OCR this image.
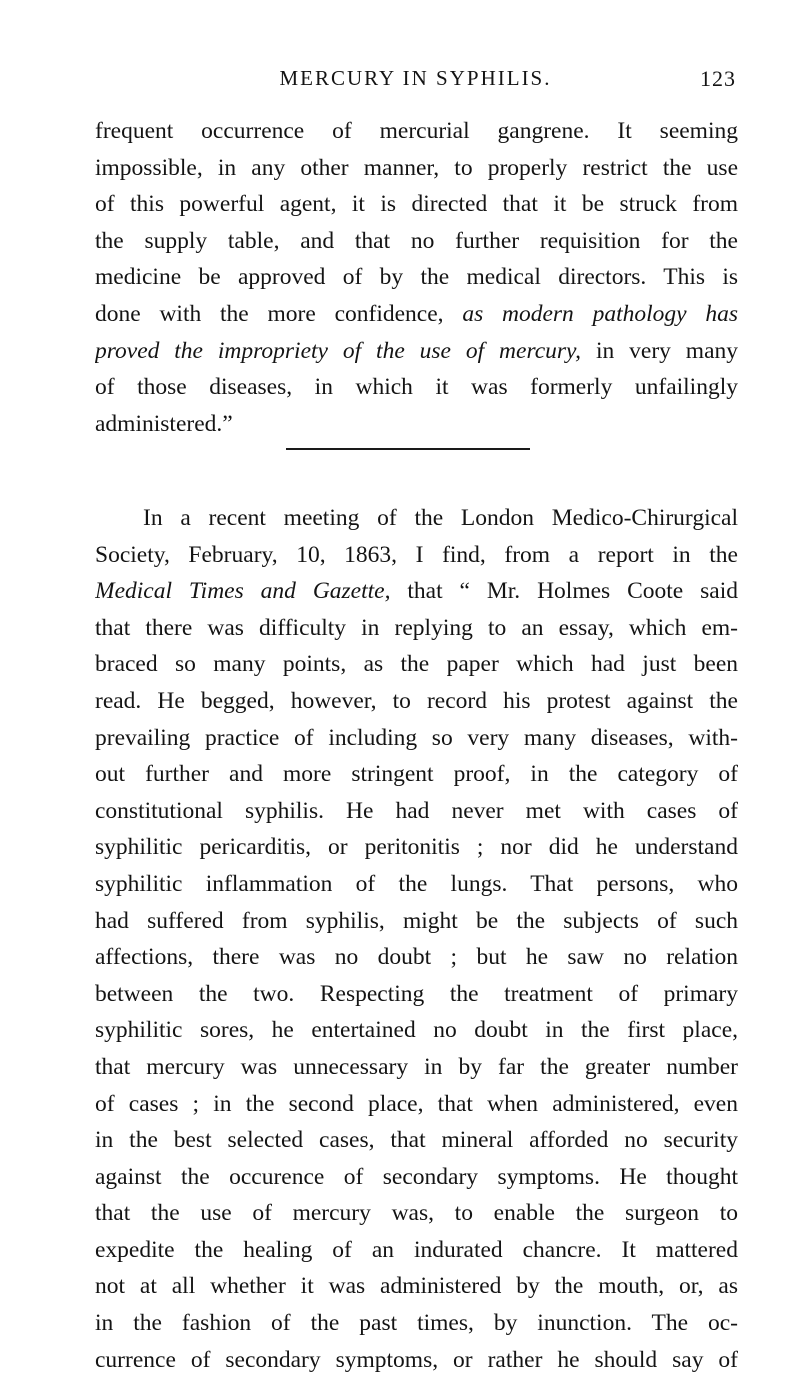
MERCURY IN SYPHILIS.	123
frequent occurrence of mercurial gangrene. It seeming
impossible, in any other manner, to properly restrict the use
of this powerful agent, it is directed that it be struck from
the supply table, and that no further requisition for the
medicine be approved of by the medical directors. This is
done with the more confidence, as modern pathology has
proved the impropriety of the use of mercury, in very many
of those diseases, in which it was formerly unfailingly
administered.”
In a recent meeting of the London Medico-Chirurgical
Society, February, 10, 1863, I find, from a report in the
Medical Times and Gazette, that “ Mr. Holmes Coote said
that there was difficulty in replying to an essay, which em-
braced so many points, as the paper which had just been
read. He begged, however, to record his protest against the
prevailing practice of including so very many diseases, with-
out further and more stringent proof, in the category of
constitutional syphilis. He had never met with cases of
syphilitic pericarditis, or peritonitis ; nor did he understand
syphilitic inflammation of the lungs. That persons, who
had suffered from syphilis, might be the subjects of such
affections, there was no doubt ; but he saw no relation
between the two. Respecting the treatment of primary
syphilitic sores, he entertained no doubt in the first place,
that mercury was unnecessary in by far the greater number
of cases ; in the second place, that when administered, even
in the best selected cases, that mineral afforded no security
against the occurence of secondary symptoms. He thought
that the use of mercury was, to enable the surgeon to
expedite the healing of an indurated chancre. It mattered
not at all whether it was administered by the mouth, or, as
in the fashion of the past times, by inunction. The oc-
currence of secondary symptoms, or rather he should say of
